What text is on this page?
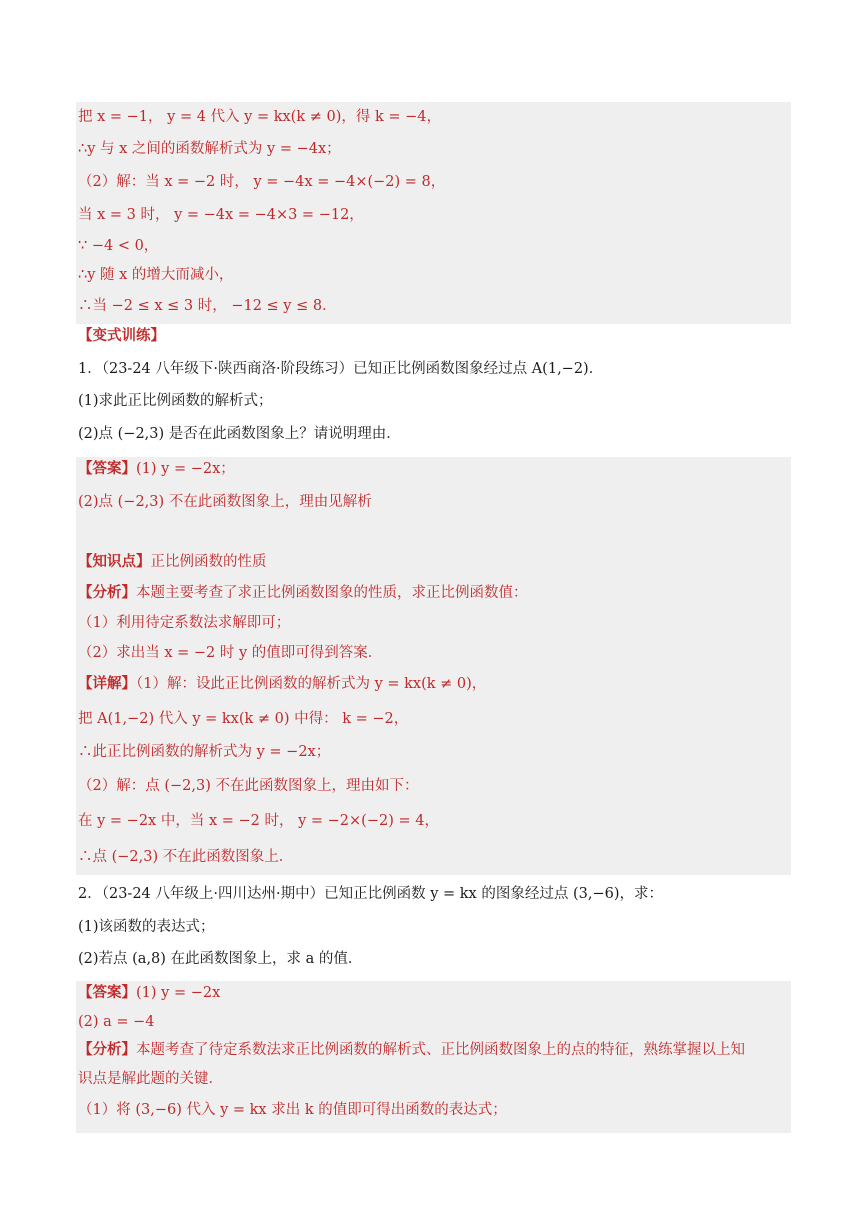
把 x = −1， y = 4 代入 y = kx(k ≠ 0)，得 k = −4，
∴y 与 x 之间的函数解析式为 y = −4x；
（2）解：当 x = −2 时， y = −4x = −4×(−2) = 8，
当 x = 3 时， y = −4x = −4×3 = −12，
∵ −4 < 0，
∴y 随 x 的增大而减小，
∴当 −2 ≤ x ≤ 3 时， −12 ≤ y ≤ 8．
【变式训练】
1．（23-24 八年级下·陕西商洛·阶段练习）已知正比例函数图象经过点 A(1,−2)．
(1)求此正比例函数的解析式；
(2)点 (−2,3) 是否在此函数图象上？请说明理由．
【答案】(1) y = −2x；
(2)点 (−2,3) 不在此函数图象上，理由见解析
【知识点】正比例函数的性质
【分析】本题主要考查了求正比例函数图象的性质，求正比例函数值：
（1）利用待定系数法求解即可；
（2）求出当 x = −2 时 y 的值即可得到答案．
【详解】（1）解：设此正比例函数的解析式为 y = kx(k ≠ 0)，
把 A(1,−2) 代入 y = kx(k ≠ 0) 中得： k = −2，
∴此正比例函数的解析式为 y = −2x；
（2）解：点 (−2,3) 不在此函数图象上，理由如下：
在 y = −2x 中，当 x = −2 时， y = −2×(−2) = 4，
∴点 (−2,3) 不在此函数图象上．
2．（23-24 八年级上·四川达州·期中）已知正比例函数 y = kx 的图象经过点 (3,−6)，求：
(1)该函数的表达式；
(2)若点 (a,8) 在此函数图象上，求 a 的值．
【答案】(1) y = −2x
(2) a = −4
【分析】本题考查了待定系数法求正比例函数的解析式、正比例函数图象上的点的特征，熟练掌握以上知
识点是解此题的关键．
（1）将 (3,−6) 代入 y = kx 求出 k 的值即可得出函数的表达式；
